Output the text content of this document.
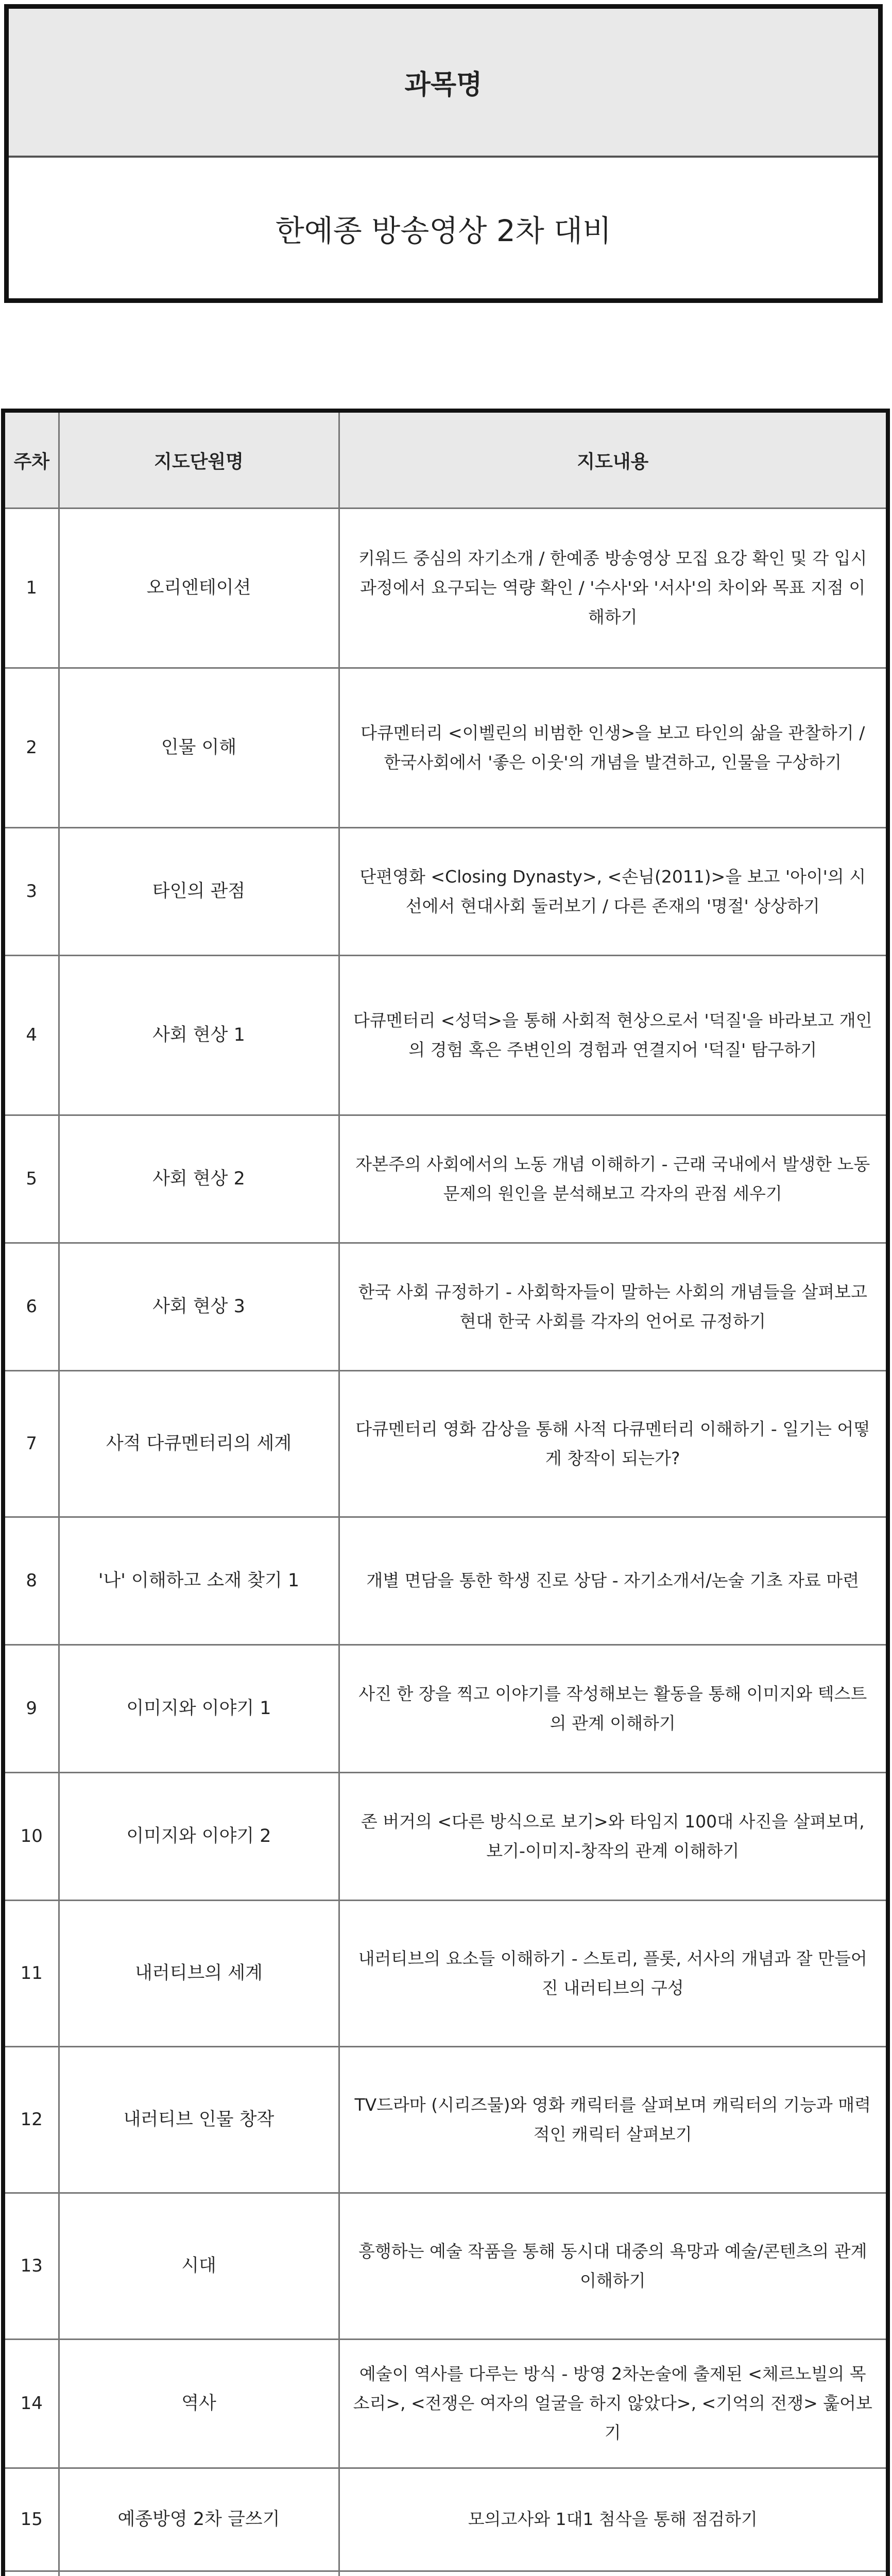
과목명
한예종 방송영상 2차 대비
주차	지도단원명	지도내용
1	오리엔테이션	키워드 중심의 자기소개 / 한예종 방송영상 모집 요강 확인 및 각 입시 과정에서 요구되는 역량 확인 / '수사'와 '서사'의 차이와 목표 지점 이해하기
2	인물 이해	다큐멘터리 <이벨린의 비범한 인생>을 보고 타인의 삶을 관찰하기 / 한국사회에서 '좋은 이웃'의 개념을 발견하고, 인물을 구상하기
3	타인의 관점	단편영화 <Closing Dynasty>, <손님(2011)>을 보고 '아이'의 시선에서 현대사회 둘러보기 / 다른 존재의 '명절' 상상하기
4	사회 현상 1	다큐멘터리 <성덕>을 통해 사회적 현상으로서 '덕질'을 바라보고 개인의 경험 혹은 주변인의 경험과 연결지어 '덕질' 탐구하기
5	사회 현상 2	자본주의 사회에서의 노동 개념 이해하기 - 근래 국내에서 발생한 노동 문제의 원인을 분석해보고 각자의 관점 세우기
6	사회 현상 3	한국 사회 규정하기 - 사회학자들이 말하는 사회의 개념들을 살펴보고 현대 한국 사회를 각자의 언어로 규정하기
7	사적 다큐멘터리의 세계	다큐멘터리 영화 감상을 통해 사적 다큐멘터리 이해하기 - 일기는 어떻게 창작이 되는가?
8	'나' 이해하고 소재 찾기 1	개별 면담을 통한 학생 진로 상담 - 자기소개서/논술 기초 자료 마련
9	이미지와 이야기 1	사진 한 장을 찍고 이야기를 작성해보는 활동을 통해 이미지와 텍스트의 관계 이해하기
10	이미지와 이야기 2	존 버거의 <다른 방식으로 보기>와 타임지 100대 사진을 살펴보며, 보기-이미지-창작의 관계 이해하기
11	내러티브의 세계	내러티브의 요소들 이해하기 - 스토리, 플롯, 서사의 개념과 잘 만들어진 내러티브의 구성
12	내러티브 인물 창작	TV드라마 (시리즈물)와 영화 캐릭터를 살펴보며 캐릭터의 기능과 매력적인 캐릭터 살펴보기
13	시대	흥행하는 예술 작품을 통해 동시대 대중의 욕망과 예술/콘텐츠의 관계 이해하기
14	역사	예술이 역사를 다루는 방식 - 방영 2차논술에 출제된 <체르노빌의 목소리>, <전쟁은 여자의 얼굴을 하지 않았다>, <기억의 전쟁> 훑어보기
15	예종방영 2차 글쓰기	모의고사와 1대1 첨삭을 통해 점검하기
